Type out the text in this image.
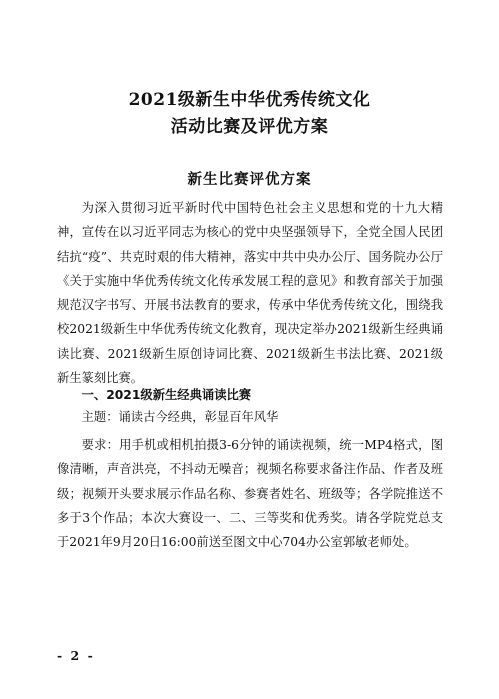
2021级新生中华优秀传统文化
活动比赛及评优方案
新生比赛评优方案

为深入贯彻习近平新时代中国特色社会主义思想和党的十九大精神，宣传在以习近平同志为核心的党中央坚强领导下，全党全国人民团结抗“疫”、共克时艰的伟大精神，落实中共中央办公厅、国务院办公厅《关于实施中华优秀传统文化传承发展工程的意见》和教育部关于加强规范汉字书写、开展书法教育的要求，传承中华优秀传统文化，围绕我校2021级新生中华优秀传统文化教育，现决定举办2021级新生经典诵读比赛、2021级新生原创诗词比赛、2021级新生书法比赛、2021级新生篆刻比赛。

一、2021级新生经典诵读比赛

主题：诵读古今经典，彰显百年风华

要求：用手机或相机拍摄3-6分钟的诵读视频，统一MP4格式，图像清晰，声音洪亮，不抖动无噪音；视频名称要求备注作品、作者及班级；视频开头要求展示作品名称、参赛者姓名、班级等；各学院推送不多于3个作品；本次大赛设一、二、三等奖和优秀奖。请各学院党总支于2021年9月20日16:00前送至图文中心704办公室郭敏老师处。

- 2 -
